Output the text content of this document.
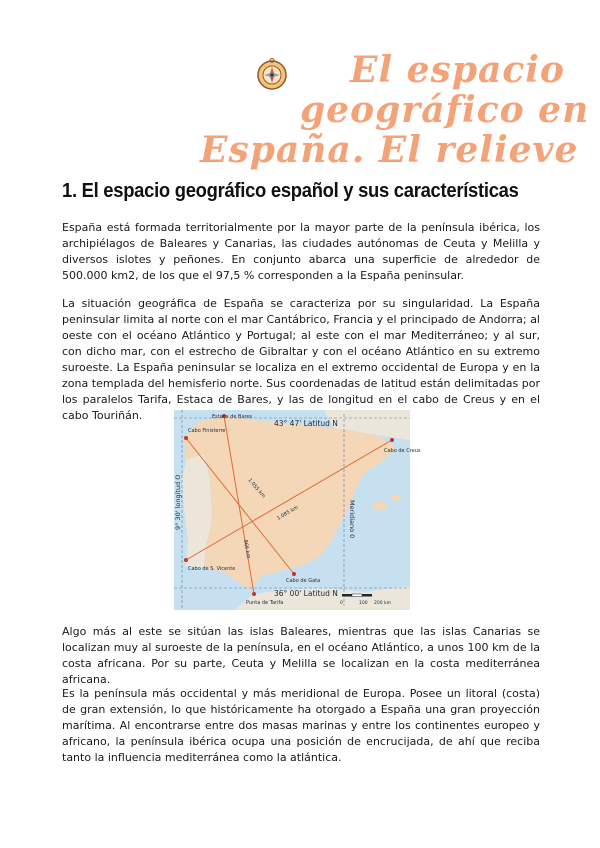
El espacio
geográfico en
España. El relieve
1. El espacio geográfico español y sus características

España está formada territorialmente por la mayor parte de la península ibérica, los archipiélagos de Baleares y Canarias, las ciudades autónomas de Ceuta y Melilla y diversos islotes y peñones. En conjunto abarca una superficie de alrededor de 500.000 km2, de los que el 97,5 % corresponden a la España peninsular.

La situación geográfica de España se caracteriza por su singularidad. La España peninsular limita al norte con el mar Cantábrico, Francia y el principado de Andorra; al oeste con el océano Atlántico y Portugal; al este con el mar Mediterráneo; y al sur, con dicho mar, con el estrecho de Gibraltar y con el océano Atlántico en su extremo suroeste. La España peninsular se localiza en el extremo occidental de Europa y en la zona templada del hemisferio norte. Sus coordenadas de latitud están delimitadas por los paralelos Tarifa, Estaca de Bares, y las de longitud en el cabo de Creus y en el cabo Touriñán.

43° 47' Latitud N
36° 00' Latitud N
Estaca de Bares
Cabo Finisterre
Cabo de Creus
Cabo de S. Vicente
Punta de Tarifa
Cabo de Gata
1.085 km
1.055 km
866 km
9° 30' longitud O	Meridiano 0
0	100 200 km

Algo más al este se sitúan las islas Baleares, mientras que las islas Canarias se localizan muy al suroeste de la península, en el océano Atlántico, a unos 100 km de la costa africana. Por su parte, Ceuta y Melilla se localizan en la costa mediterránea africana.

Es la península más occidental y más meridional de Europa. Posee un litoral (costa) de gran extensión, lo que históricamente ha otorgado a España una gran proyección marítima. Al encontrarse entre dos masas marinas y entre los continentes europeo y africano, la península ibérica ocupa una posición de encrucijada, de ahí que reciba tanto la influencia mediterránea como la atlántica.
